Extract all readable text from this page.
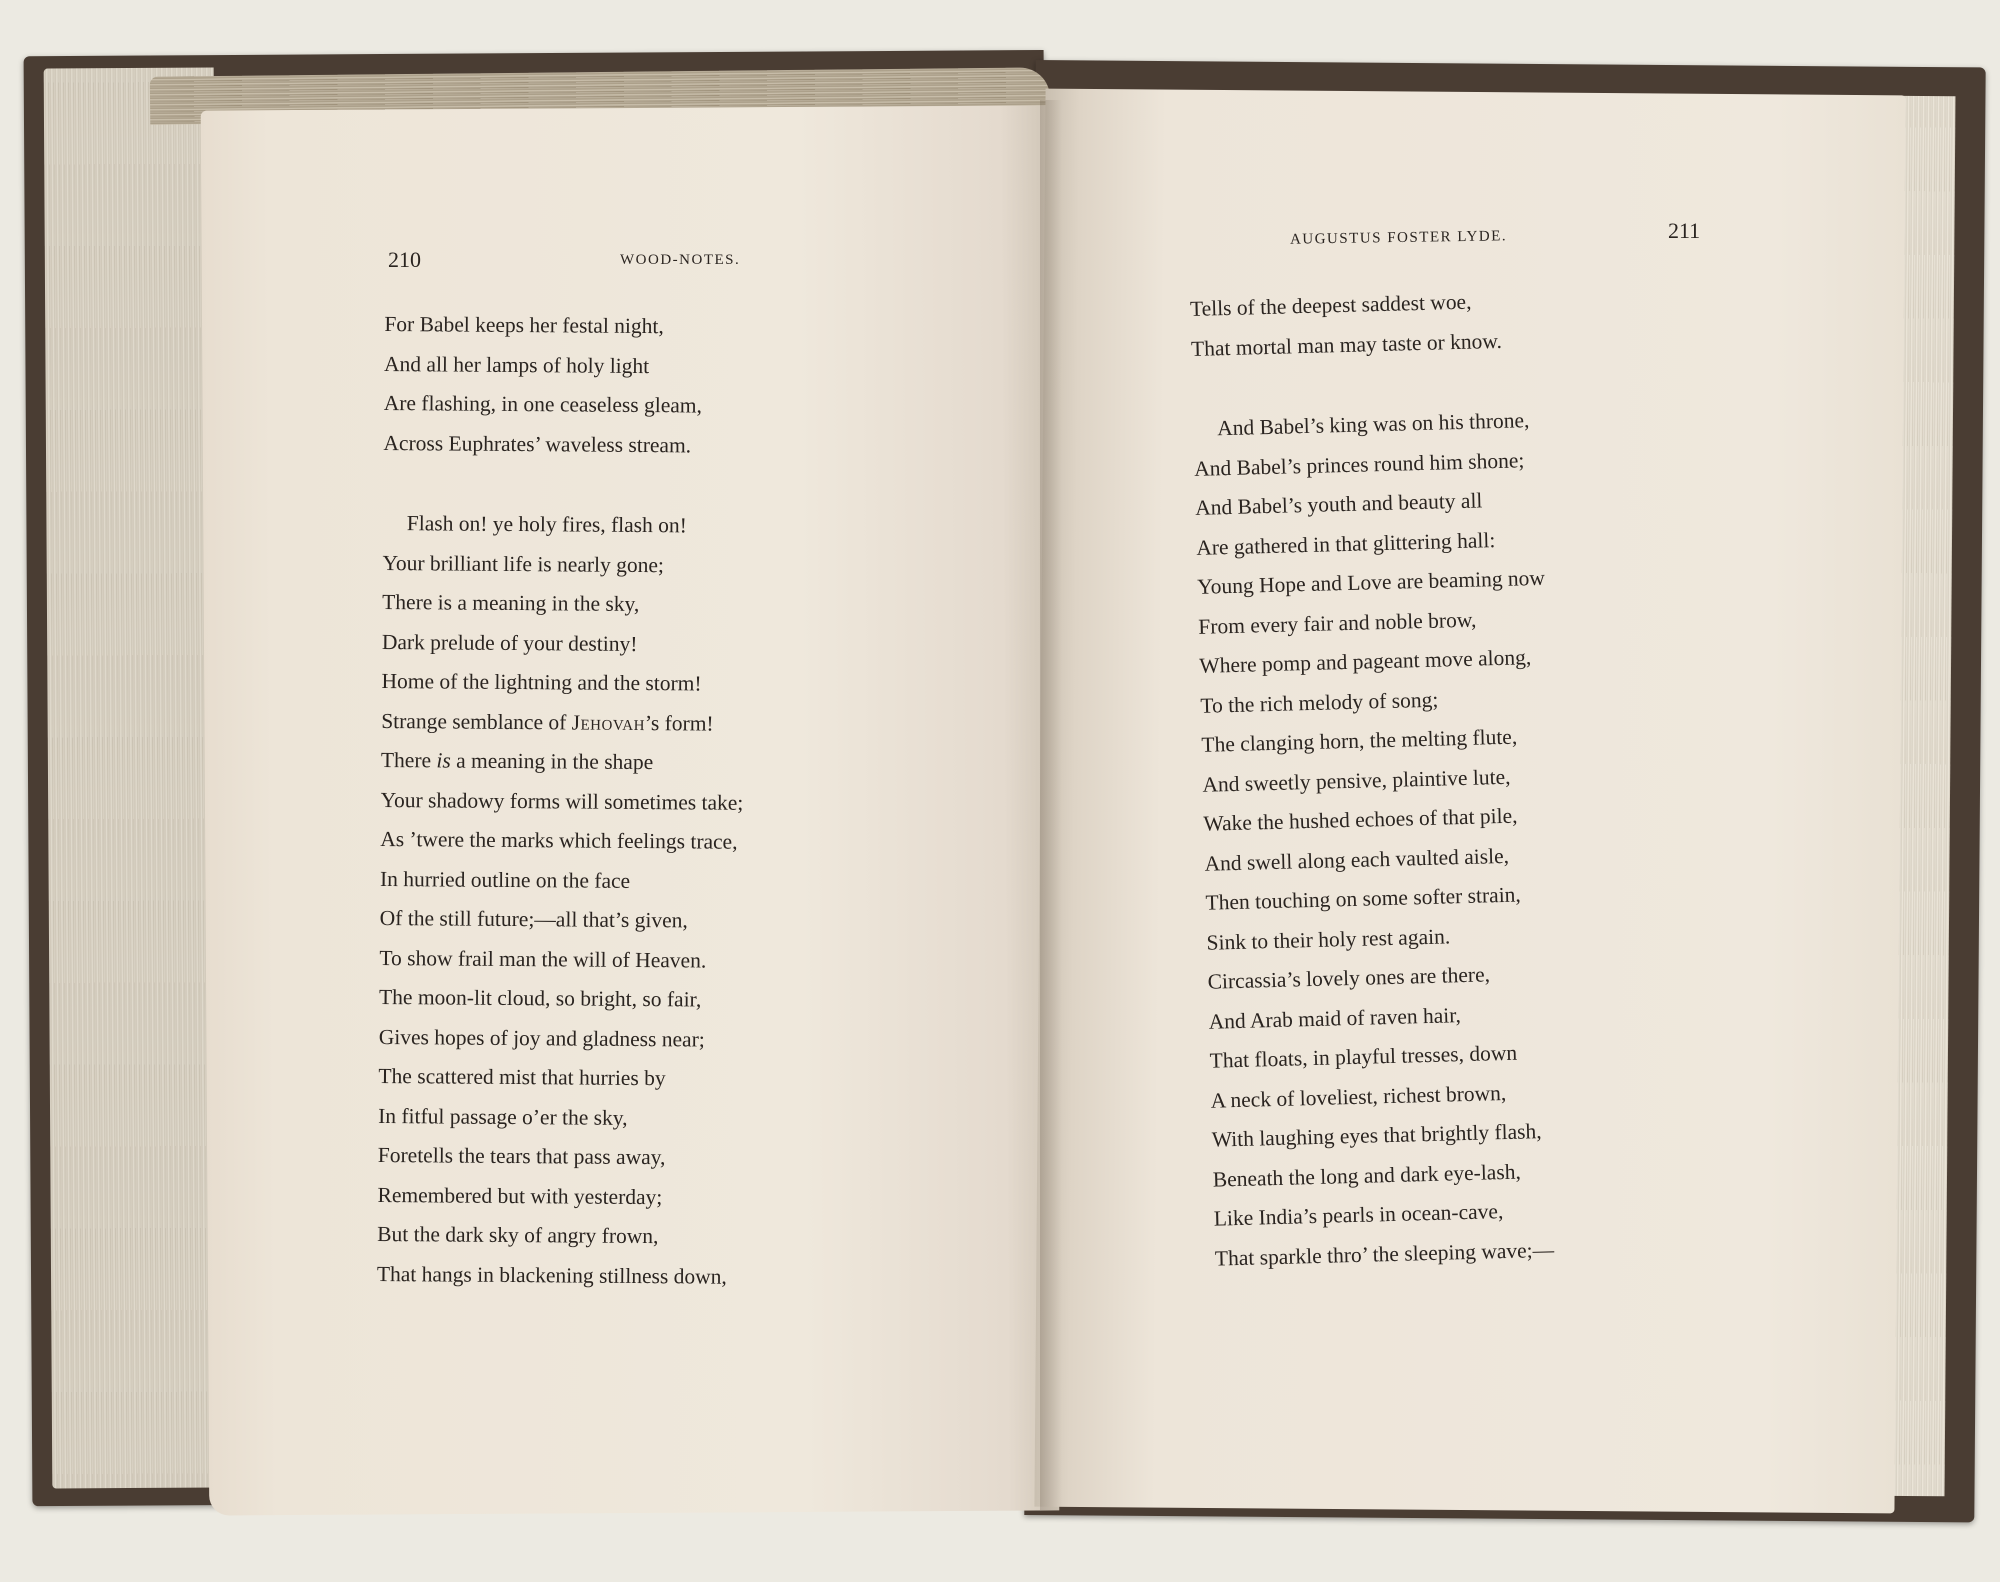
210	WOOD-NOTES.
For Babel keeps her festal night,
And all her lamps of holy light
Are flashing, in one ceaseless gleam,
Across Euphrates’ waveless stream.
Flash on! ye holy fires, flash on!
Your brilliant life is nearly gone;
There is a meaning in the sky,
Dark prelude of your destiny!
Home of the lightning and the storm!
Strange semblance of Jehovah’s form!
There is a meaning in the shape
Your shadowy forms will sometimes take;
As ’twere the marks which feelings trace,
In hurried outline on the face
Of the still future;—all that’s given,
To show frail man the will of Heaven.
The moon-lit cloud, so bright, so fair,
Gives hopes of joy and gladness near;
The scattered mist that hurries by
In fitful passage o’er the sky,
Foretells the tears that pass away,
Remembered but with yesterday;
But the dark sky of angry frown,
That hangs in blackening stillness down,
AUGUSTUS FOSTER LYDE.	211
Tells of the deepest saddest woe,
That mortal man may taste or know.
And Babel’s king was on his throne,
And Babel’s princes round him shone;
And Babel’s youth and beauty all
Are gathered in that glittering hall:
Young Hope and Love are beaming now
From every fair and noble brow,
Where pomp and pageant move along,
To the rich melody of song;
The clanging horn, the melting flute,
And sweetly pensive, plaintive lute,
Wake the hushed echoes of that pile,
And swell along each vaulted aisle,
Then touching on some softer strain,
Sink to their holy rest again.
Circassia’s lovely ones are there,
And Arab maid of raven hair,
That floats, in playful tresses, down
A neck of loveliest, richest brown,
With laughing eyes that brightly flash,
Beneath the long and dark eye-lash,
Like India’s pearls in ocean-cave,
That sparkle thro’ the sleeping wave;—
